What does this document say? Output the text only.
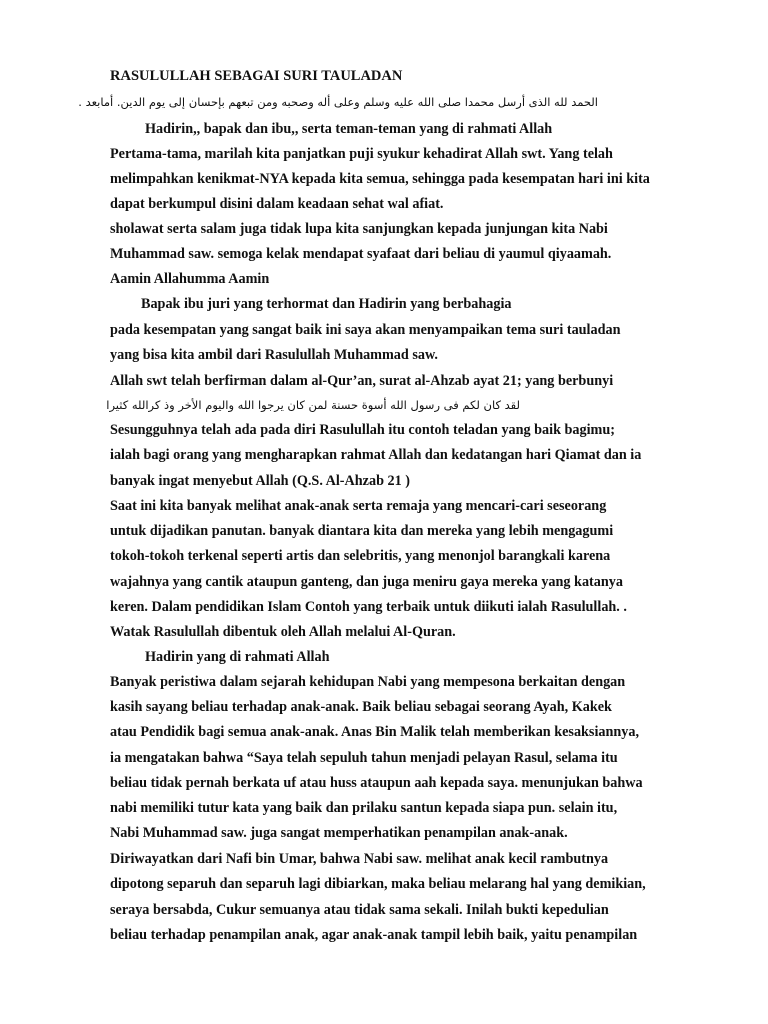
RASULULLAH SEBAGAI SURI TAULADAN
الحمد لله الذى أرسل محمدا صلى الله عليه وسلم وعلى أله وصحبه ومن تبعهم بإحسان إلى يوم الدين. أمابعد .
Hadirin,, bapak dan ibu,, serta teman-teman yang di rahmati Allah
Pertama-tama, marilah kita panjatkan puji syukur kehadirat Allah swt. Yang telah
melimpahkan kenikmat-NYA kepada kita semua, sehingga pada kesempatan hari ini kita
dapat berkumpul disini dalam keadaan sehat wal afiat.
sholawat serta salam juga tidak lupa kita sanjungkan kepada junjungan kita Nabi
Muhammad saw. semoga kelak mendapat syafaat dari beliau di yaumul qiyaamah.
Aamin Allahumma Aamin
Bapak ibu juri yang terhormat dan Hadirin yang berbahagia
pada kesempatan yang sangat baik ini saya akan menyampaikan tema suri tauladan
yang bisa kita ambil dari Rasulullah Muhammad saw.
Allah swt telah berfirman dalam al-Qur’an, surat al-Ahzab ayat 21; yang berbunyi
لقد كان لكم فى رسول الله أسوة حسنة لمن كان يرجوا الله واليوم الأخر وذ كرالله كثيرا
Sesungguhnya telah ada pada diri Rasulullah itu contoh teladan yang baik bagimu;
ialah bagi orang yang mengharapkan rahmat Allah dan kedatangan hari Qiamat dan ia
banyak ingat menyebut Allah (Q.S. Al-Ahzab 21 )
Saat ini kita banyak melihat anak-anak serta remaja yang mencari-cari seseorang
untuk dijadikan panutan. banyak diantara kita dan mereka yang lebih mengagumi
tokoh-tokoh terkenal seperti artis dan selebritis, yang menonjol barangkali karena
wajahnya yang cantik ataupun ganteng, dan juga meniru gaya mereka yang katanya
keren. Dalam pendidikan Islam Contoh yang terbaik untuk diikuti ialah Rasulullah. .
Watak Rasulullah dibentuk oleh Allah melalui Al-Quran.
Hadirin yang di rahmati Allah
Banyak peristiwa dalam sejarah kehidupan Nabi yang mempesona berkaitan dengan
kasih sayang beliau terhadap anak-anak. Baik beliau sebagai seorang Ayah, Kakek
atau Pendidik bagi semua anak-anak. Anas Bin Malik telah memberikan kesaksiannya,
ia mengatakan bahwa “Saya telah sepuluh tahun menjadi pelayan Rasul, selama itu
beliau tidak pernah berkata uf atau huss ataupun aah kepada saya. menunjukan bahwa
nabi memiliki tutur kata yang baik dan prilaku santun kepada siapa pun. selain itu,
Nabi Muhammad saw. juga sangat memperhatikan penampilan anak-anak.
Diriwayatkan dari Nafi bin Umar, bahwa Nabi saw. melihat anak kecil rambutnya
dipotong separuh dan separuh lagi dibiarkan, maka beliau melarang hal yang demikian,
seraya bersabda, Cukur semuanya atau tidak sama sekali. Inilah bukti kepedulian
beliau terhadap penampilan anak, agar anak-anak tampil lebih baik, yaitu penampilan
